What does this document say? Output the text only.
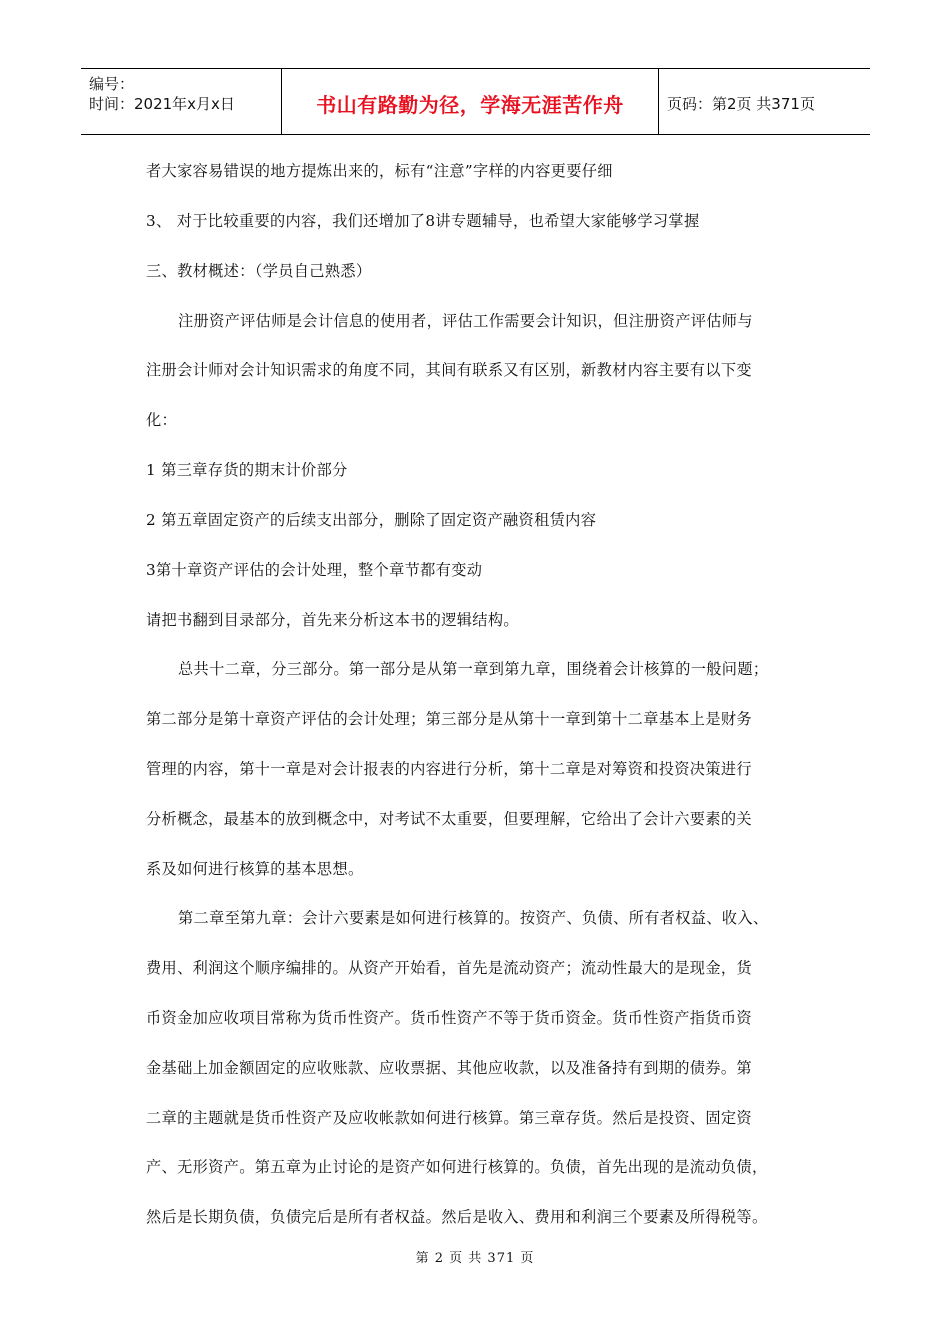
编号：
时间：2021年x月x日	书山有路勤为径，学海无涯苦作舟	页码：第2页 共371页
者大家容易错误的地方提炼出来的，标有“注意”字样的内容更要仔细
3、 对于比较重要的内容，我们还增加了8讲专题辅导，也希望大家能够学习掌握
三、教材概述：（学员自己熟悉）
注册资产评估师是会计信息的使用者，评估工作需要会计知识，但注册资产评估师与
注册会计师对会计知识需求的角度不同，其间有联系又有区别，新教材内容主要有以下变
化：
1 第三章存货的期末计价部分
2 第五章固定资产的后续支出部分，删除了固定资产融资租赁内容
3第十章资产评估的会计处理，整个章节都有变动
请把书翻到目录部分，首先来分析这本书的逻辑结构。
总共十二章，分三部分。第一部分是从第一章到第九章，围绕着会计核算的一般问题；
第二部分是第十章资产评估的会计处理；第三部分是从第十一章到第十二章基本上是财务
管理的内容，第十一章是对会计报表的内容进行分析，第十二章是对筹资和投资决策进行
分析概念，最基本的放到概念中，对考试不太重要，但要理解，它给出了会计六要素的关
系及如何进行核算的基本思想。
第二章至第九章：会计六要素是如何进行核算的。按资产、负债、所有者权益、收入、
费用、利润这个顺序编排的。从资产开始看，首先是流动资产；流动性最大的是现金，货
币资金加应收项目常称为货币性资产。货币性资产不等于货币资金。货币性资产指货币资
金基础上加金额固定的应收账款、应收票据、其他应收款，以及准备持有到期的债券。第
二章的主题就是货币性资产及应收帐款如何进行核算。第三章存货。然后是投资、固定资
产、无形资产。第五章为止讨论的是资产如何进行核算的。负债，首先出现的是流动负债，
然后是长期负债，负债完后是所有者权益。然后是收入、费用和利润三个要素及所得税等。
第 2 页 共 371 页
